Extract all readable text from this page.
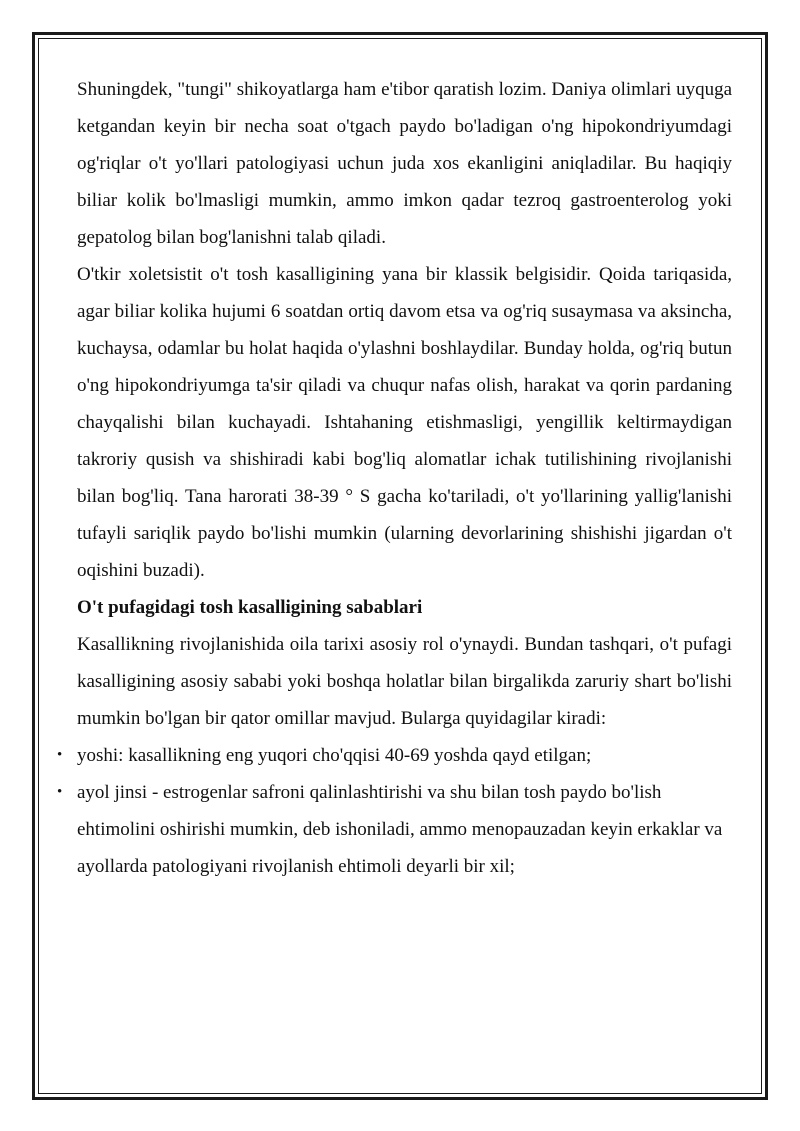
Shuningdek, "tungi" shikoyatlarga ham e'tibor qaratish lozim. Daniya olimlari uyquga ketgandan keyin bir necha soat o'tgach paydo bo'ladigan o'ng hipokondriyumdagi og'riqlar o't yo'llari patologiyasi uchun juda xos ekanligini aniqladilar. Bu haqiqiy biliar kolik bo'lmasligi mumkin, ammo imkon qadar tezroq gastroenterolog yoki gepatolog bilan bog'lanishni talab qiladi.

O'tkir xoletsistit o't tosh kasalligining yana bir klassik belgisidir. Qoida tariqasida, agar biliar kolika hujumi 6 soatdan ortiq davom etsa va og'riq susaymasa va aksincha, kuchaysa, odamlar bu holat haqida o'ylashni boshlaydilar. Bunday holda, og'riq butun o'ng hipokondriyumga ta'sir qiladi va chuqur nafas olish, harakat va qorin pardaning chayqalishi bilan kuchayadi. Ishtahaning etishmasligi, yengillik keltirmaydigan takroriy qusish va shishiradi kabi bog'liq alomatlar ichak tutilishining rivojlanishi bilan bog'liq. Tana harorati 38-39 ° S gacha ko'tariladi, o't yo'llarining yallig'lanishi tufayli sariqlik paydo bo'lishi mumkin (ularning devorlarining shishishi jigardan o't oqishini buzadi).

O't pufagidagi tosh kasalligining sabablari

Kasallikning rivojlanishida oila tarixi asosiy rol o'ynaydi. Bundan tashqari, o't pufagi kasalligining asosiy sababi yoki boshqa holatlar bilan birgalikda zaruriy shart bo'lishi mumkin bo'lgan bir qator omillar mavjud. Bularga quyidagilar kiradi:

• yoshi: kasallikning eng yuqori cho'qqisi 40-69 yoshda qayd etilgan;
• ayol jinsi - estrogenlar safroni qalinlashtirishi va shu bilan tosh paydo bo'lish ehtimolini oshirishi mumkin, deb ishoniladi, ammo menopauzadan keyin erkaklar va ayollarda patologiyani rivojlanish ehtimoli deyarli bir xil;
